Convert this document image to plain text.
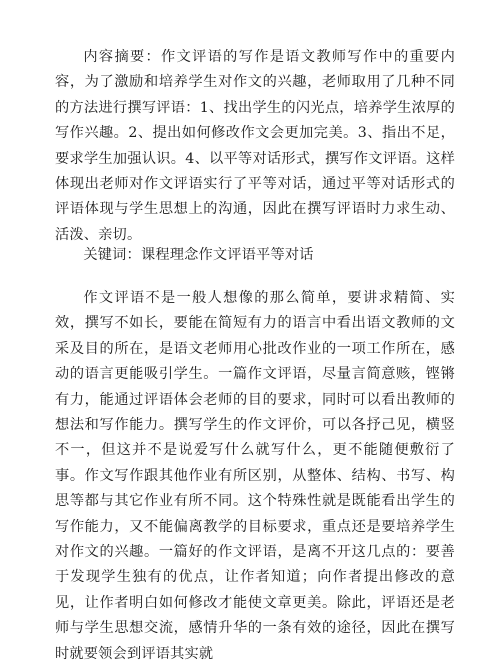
内容摘要：作文评语的写作是语文教师写作中的重要内容，为了激励和培养学生对作文的兴趣，老师取用了几种不同的方法进行撰写评语：1、找出学生的闪光点，培养学生浓厚的写作兴趣。2、提出如何修改作文会更加完美。3、指出不足，要求学生加强认识。4、以平等对话形式，撰写作文评语。这样体现出老师对作文评语实行了平等对话，通过平等对话形式的评语体现与学生思想上的沟通，因此在撰写评语时力求生动、活泼、亲切。

关键词：课程理念作文评语平等对话

作文评语不是一般人想像的那么简单，要讲求精简、实效，撰写不如长，要能在简短有力的语言中看出语文教师的文采及目的所在，是语文老师用心批改作业的一项工作所在，感动的语言更能吸引学生。一篇作文评语，尽量言简意赅，铿锵有力，能通过评语体会老师的目的要求，同时可以看出教师的想法和写作能力。撰写学生的作文评价，可以各抒己见，横竖不一，但这并不是说爱写什么就写什么，更不能随便敷衍了事。作文写作跟其他作业有所区别，从整体、结构、书写、构思等都与其它作业有所不同。这个特殊性就是既能看出学生的写作能力，又不能偏离教学的目标要求，重点还是要培养学生对作文的兴趣。一篇好的作文评语，是离不开这几点的：要善于发现学生独有的优点，让作者知道；向作者提出修改的意见，让作者明白如何修改才能使文章更美。除此，评语还是老师与学生思想交流，感情升华的一条有效的途径，因此在撰写时就要领会到评语其实就
